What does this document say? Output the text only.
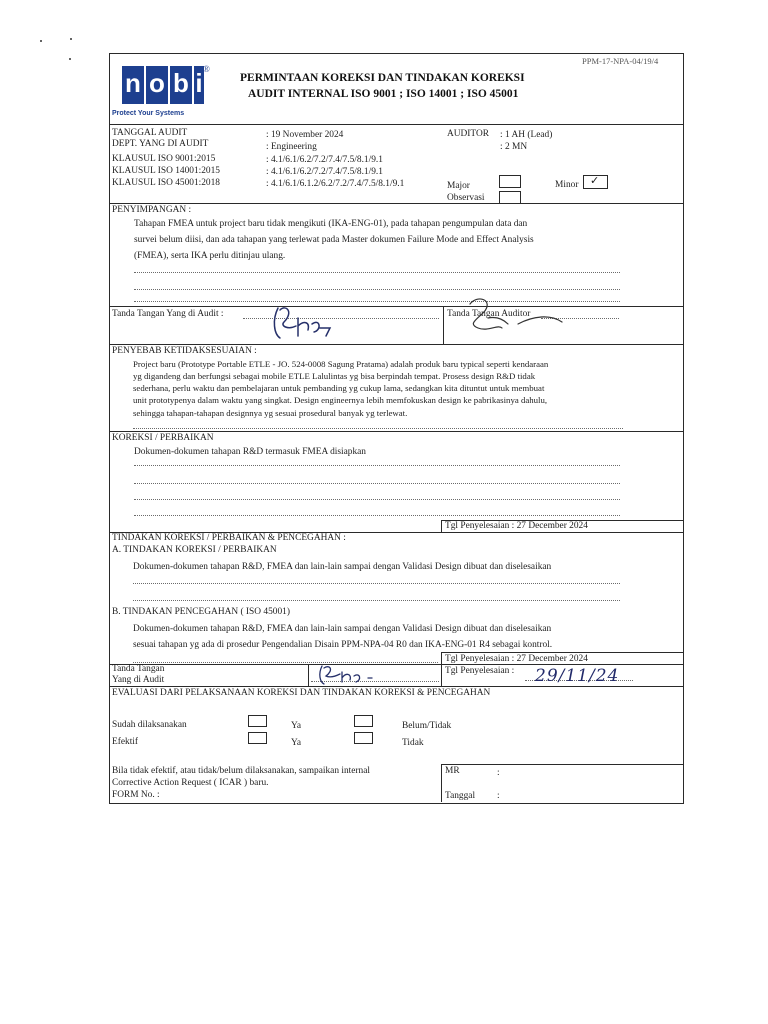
PPM-17-NPA-04/19/4
n o b i ®
Protect Your Systems
PERMINTAAN KOREKSI DAN TINDAKAN KOREKSI
AUDIT INTERNAL ISO 9001 ; ISO 14001 ; ISO 45001
TANGGAL AUDIT
DEPT. YANG DI AUDIT
KLAUSUL ISO 9001:2015
KLAUSUL ISO 14001:2015
KLAUSUL ISO 45001:2018
: 19 November 2024
: Engineering
: 4.1/6.1/6.2/7.2/7.4/7.5/8.1/9.1
: 4.1/6.1/6.2/7.2/7.4/7.5/8.1/9.1
: 4.1/6.1/6.1.2/6.2/7.2/7.4/7.5/8.1/9.1
AUDITOR : 1 AH (Lead)
: 2 MN
Major
Observasi
Minor ✓
PENYIMPANGAN :
Tahapan FMEA untuk project baru tidak mengikuti (IKA-ENG-01), pada tahapan pengumpulan data dan
survei belum diisi, dan ada tahapan yang terlewat pada Master dokumen Failure Mode and Effect Analysis
(FMEA), serta IKA perlu ditinjau ulang.
Tanda Tangan Yang di Audit :	Tanda Tangan Auditor
PENYEBAB KETIDAKSESUAIAN :
Project baru (Prototype Portable ETLE - JO. 524-0008 Sagung Pratama) adalah produk baru typical seperti kendaraan
yg digandeng dan berfungsi sebagai mobile ETLE Lalulintas yg bisa berpindah tempat. Prosess design R&D tidak
sederhana, perlu waktu dan pembelajaran untuk pembanding yg cukup lama, sedangkan kita dituntut untuk membuat
unit prototypenya dalam waktu yang singkat. Design engineernya lebih memfokuskan design ke pabrikasinya dahulu,
sehingga tahapan-tahapan designnya yg sesuai prosedural banyak yg terlewat.
KOREKSI / PERBAIKAN
Dokumen-dokumen tahapan R&D termasuk FMEA disiapkan
Tgl Penyelesaian : 27 December 2024
TINDAKAN KOREKSI / PERBAIKAN & PENCEGAHAN :
A. TINDAKAN KOREKSI / PERBAIKAN
Dokumen-dokumen tahapan R&D, FMEA dan lain-lain sampai dengan Validasi Design dibuat dan diselesaikan
B. TINDAKAN PENCEGAHAN ( ISO 45001)
Dokumen-dokumen tahapan R&D, FMEA dan lain-lain sampai dengan Validasi Design dibuat dan diselesaikan
sesuai tahapan yg ada di prosedur Pengendalian Disain PPM-NPA-04 R0 dan IKA-ENG-01 R4 sebagai kontrol.
Tgl Penyelesaian : 27 December 2024
Tanda Tangan
Yang di Audit
Tgl Penyelesaian : 29/11/24
EVALUASI DARI PELAKSANAAN KOREKSI DAN TINDAKAN KOREKSI & PENCEGAHAN
Sudah dilaksanakan
Efektif
Ya
Ya
Belum/Tidak
Tidak
Bila tidak efektif, atau tidak/belum dilaksanakan, sampaikan internal
Corrective Action Request ( ICAR ) baru.
FORM No. :
MR	:
Tanggal :
